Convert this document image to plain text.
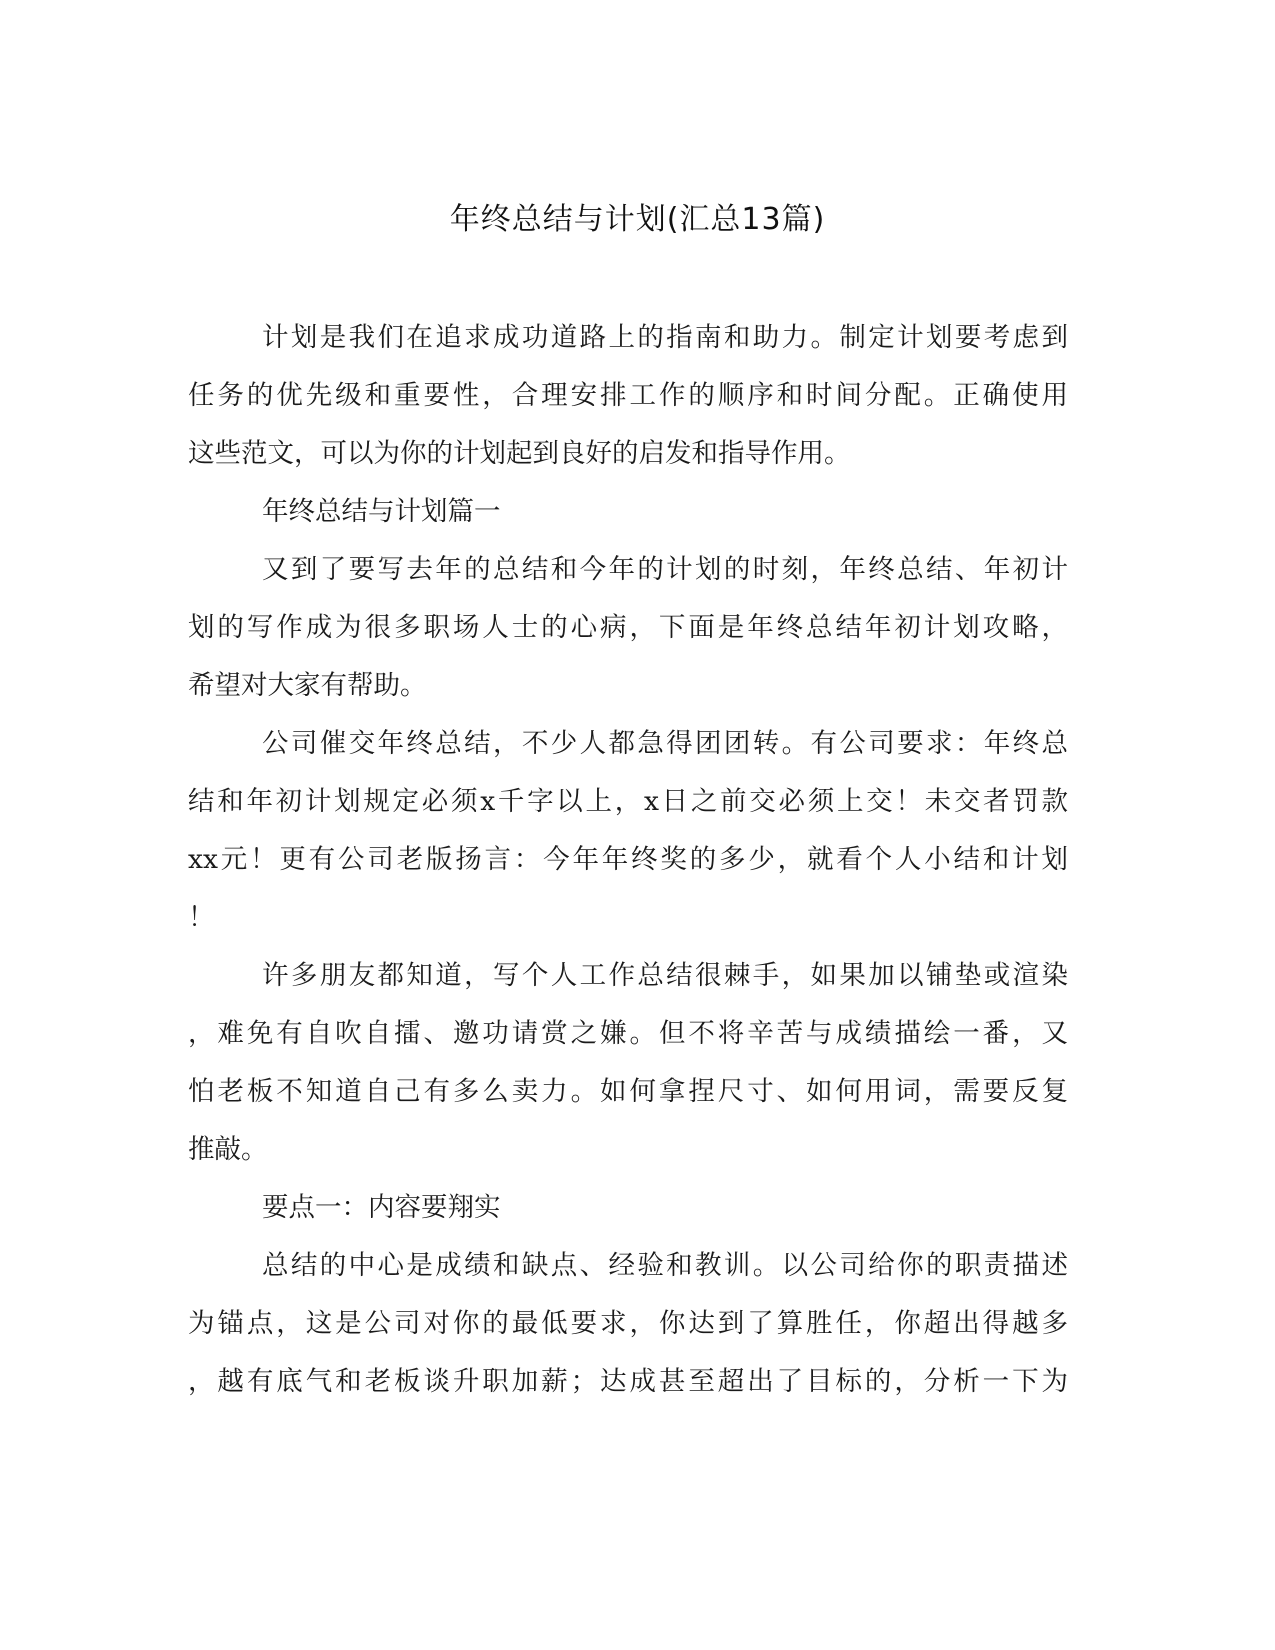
年终总结与计划(汇总13篇)
计划是我们在追求成功道路上的指南和助力。制定计划要考虑到
任务的优先级和重要性，合理安排工作的顺序和时间分配。正确使用
这些范文，可以为你的计划起到良好的启发和指导作用。
年终总结与计划篇一
又到了要写去年的总结和今年的计划的时刻，年终总结、年初计
划的写作成为很多职场人士的心病，下面是年终总结年初计划攻略，
希望对大家有帮助。
公司催交年终总结，不少人都急得团团转。有公司要求：年终总
结和年初计划规定必须x千字以上，x日之前交必须上交！未交者罚款
xx元！更有公司老版扬言：今年年终奖的多少，就看个人小结和计划
！
许多朋友都知道，写个人工作总结很棘手，如果加以铺垫或渲染
，难免有自吹自擂、邀功请赏之嫌。但不将辛苦与成绩描绘一番，又
怕老板不知道自己有多么卖力。如何拿捏尺寸、如何用词，需要反复
推敲。
要点一：内容要翔实
总结的中心是成绩和缺点、经验和教训。以公司给你的职责描述
为锚点，这是公司对你的最低要求，你达到了算胜任，你超出得越多
，越有底气和老板谈升职加薪；达成甚至超出了目标的，分析一下为
